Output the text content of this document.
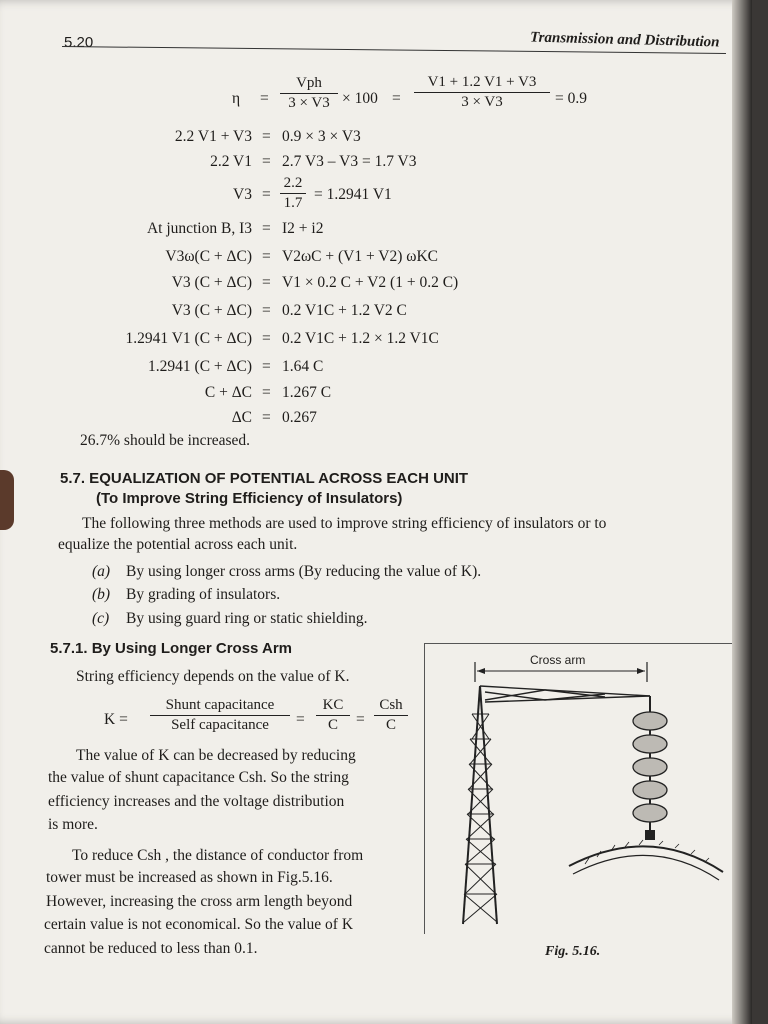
5.20	Transmission and Distribution
η =
Vph
3 × V3 × 100 =
V1 + 1.2 V1 + V3
3 × V3	= 0.9
2.2 V1 + V3 = 0.9 × 3 × V3
2.2 V1 = 2.7 V3 – V3 = 1.7 V3
V3 =
2.2
1.7 = 1.2941 V1
At junction B, I3 = I2 + i2
V3ω(C + ΔC) = V2ωC + (V1 + V2) ωKC
V3 (C + ΔC) = V1 × 0.2 C + V2 (1 + 0.2 C)
V3 (C + ΔC) = 0.2 V1C + 1.2 V2 C
1.2941 V1 (C + ΔC) = 0.2 V1C + 1.2 × 1.2 V1C
1.2941 (C + ΔC) = 1.64 C
C + ΔC = 1.267 C
ΔC = 0.267
26.7% should be increased.
5.7. EQUALIZATION OF POTENTIAL ACROSS EACH UNIT
(To Improve String Efficiency of Insulators)
The following three methods are used to improve string efficiency of insulators or to
equalize the potential across each unit.
(a) By using longer cross arms (By reducing the value of K).
(b) By grading of insulators.
(c) By using guard ring or static shielding.
5.7.1. By Using Longer Cross Arm
String efficiency depends on the value of K.
K =
Shunt capacitance
Self capacitance	=
KC
C	=
Csh
C
The value of K can be decreased by reducing
the value of shunt capacitance Csh. So the string
efficiency increases and the voltage distribution
is more.
To reduce Csh , the distance of conductor from
tower must be increased as shown in Fig.5.16.
However, increasing the cross arm length beyond
certain value is not economical. So the value of K
cannot be reduced to less than 0.1.
Cross arm
Fig. 5.16.
